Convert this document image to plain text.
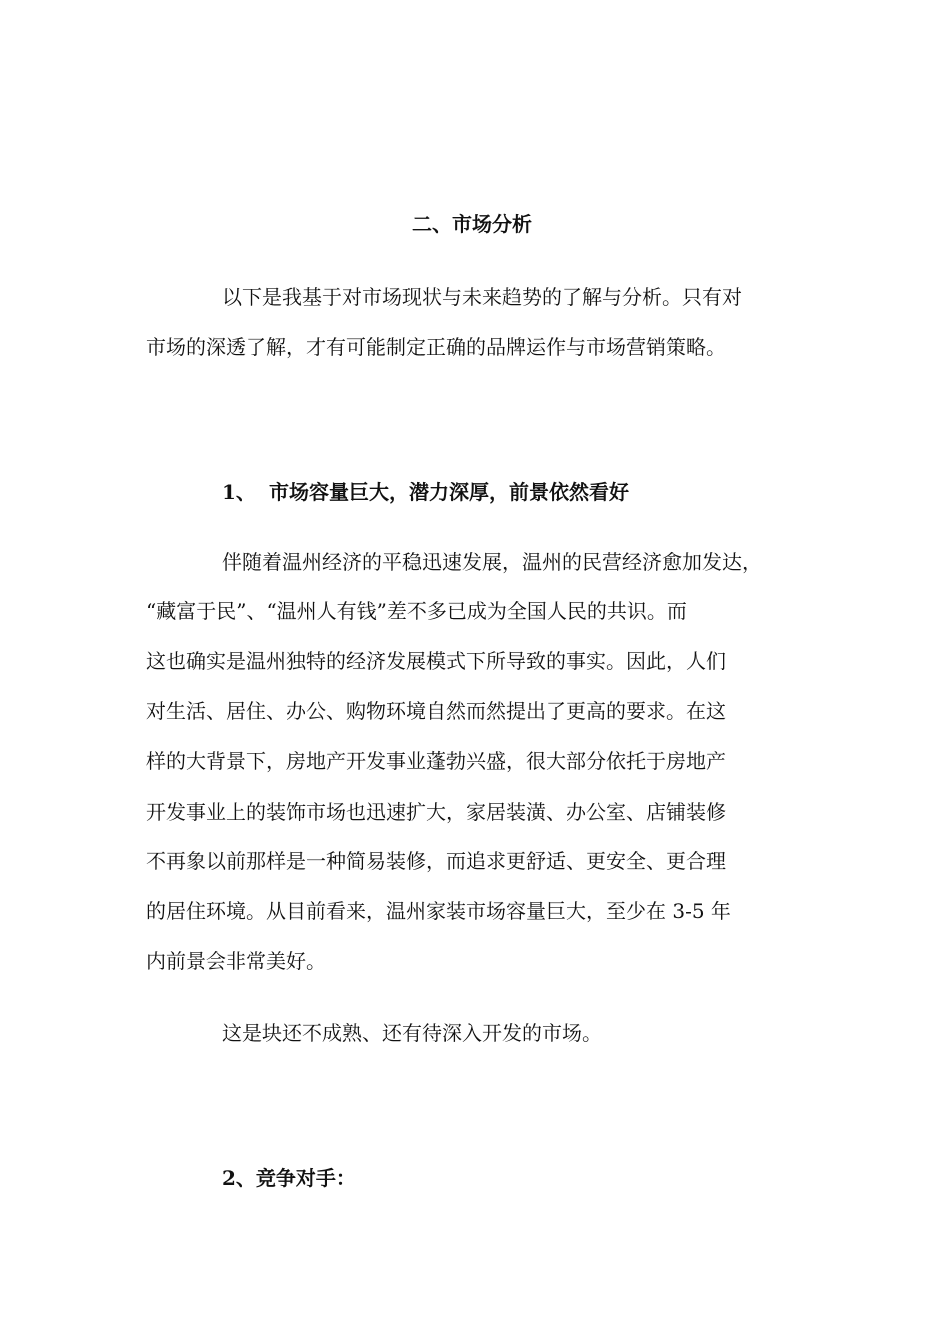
二、市场分析
以下是我基于对市场现状与未来趋势的了解与分析。只有对
市场的深透了解，才有可能制定正确的品牌运作与市场营销策略。
1、 市场容量巨大，潜力深厚，前景依然看好
伴随着温州经济的平稳迅速发展，温州的民营经济愈加发达，
“藏富于民”、“温州人有钱”差不多已成为全国人民的共识。而
这也确实是温州独特的经济发展模式下所导致的事实。因此，人们
对生活、居住、办公、购物环境自然而然提出了更高的要求。在这
样的大背景下，房地产开发事业蓬勃兴盛，很大部分依托于房地产
开发事业上的装饰市场也迅速扩大，家居装潢、办公室、店铺装修
不再象以前那样是一种简易装修，而追求更舒适、更安全、更合理
的居住环境。从目前看来，温州家装市场容量巨大，至少在 3-5 年
内前景会非常美好。
这是块还不成熟、还有待深入开发的市场。
2、竞争对手：
